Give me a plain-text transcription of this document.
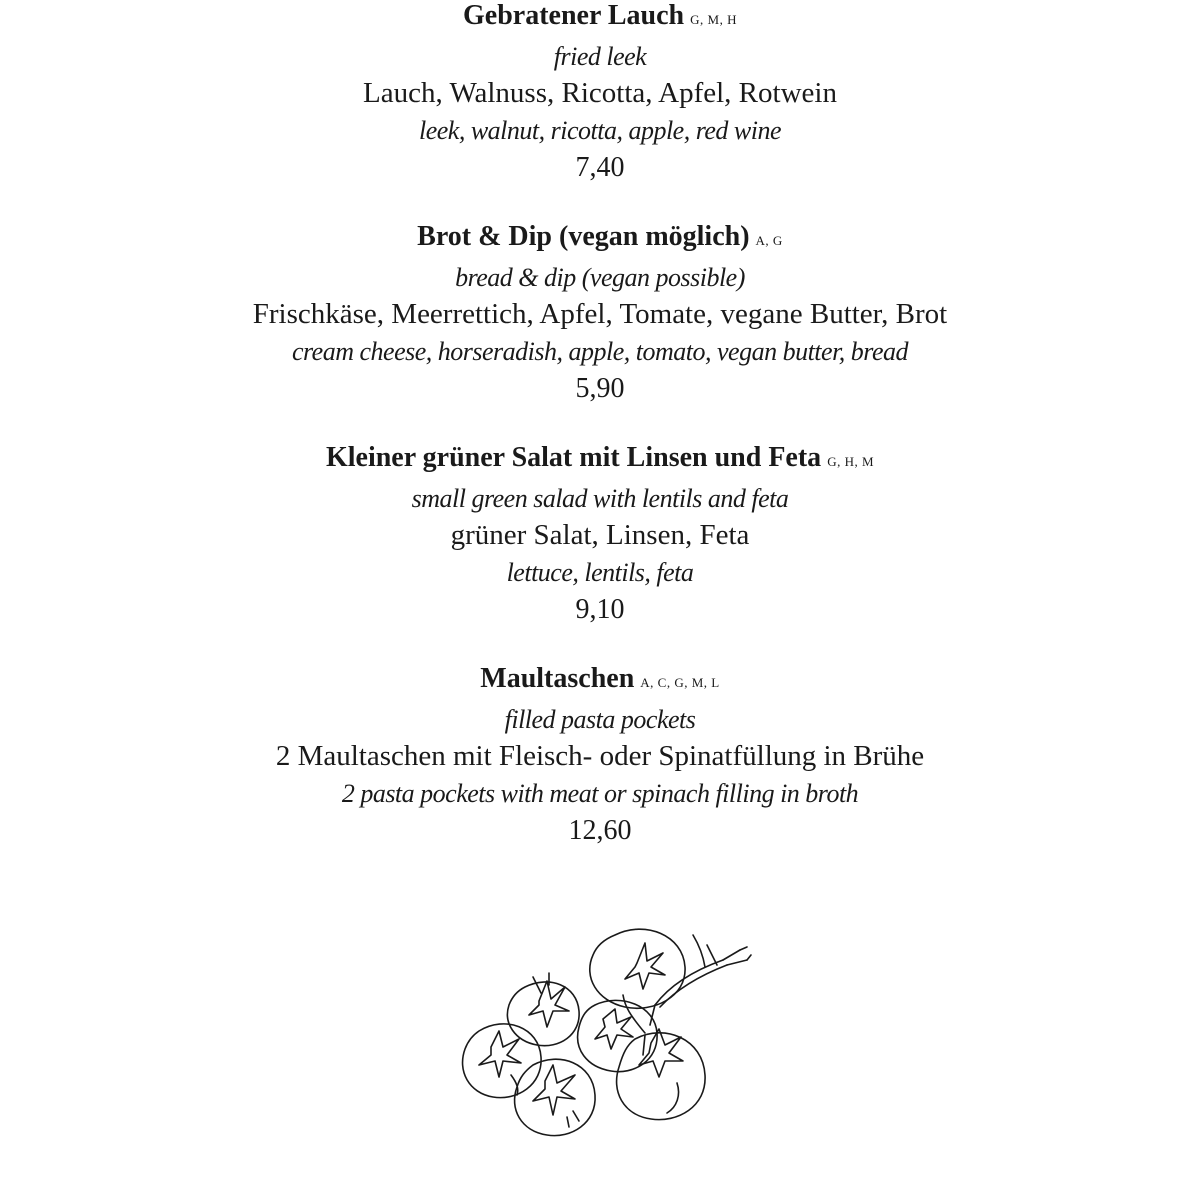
Gebratener Lauch G, M, H
fried leek
Lauch, Walnuss, Ricotta, Apfel, Rotwein
leek, walnut, ricotta, apple, red wine
7,40
Brot & Dip (vegan möglich) A, G
bread & dip (vegan possible)
Frischkäse, Meerrettich, Apfel, Tomate, vegane Butter, Brot
cream cheese, horseradish, apple, tomato, vegan butter, bread
5,90
Kleiner grüner Salat mit Linsen und Feta G, H, M
small green salad with lentils and feta
grüner Salat, Linsen, Feta
lettuce, lentils, feta
9,10
Maultaschen A, C, G, M, L
filled pasta pockets
2 Maultaschen mit Fleisch- oder Spinatfüllung in Brühe
2 pasta pockets with meat or spinach filling in broth
12,60
